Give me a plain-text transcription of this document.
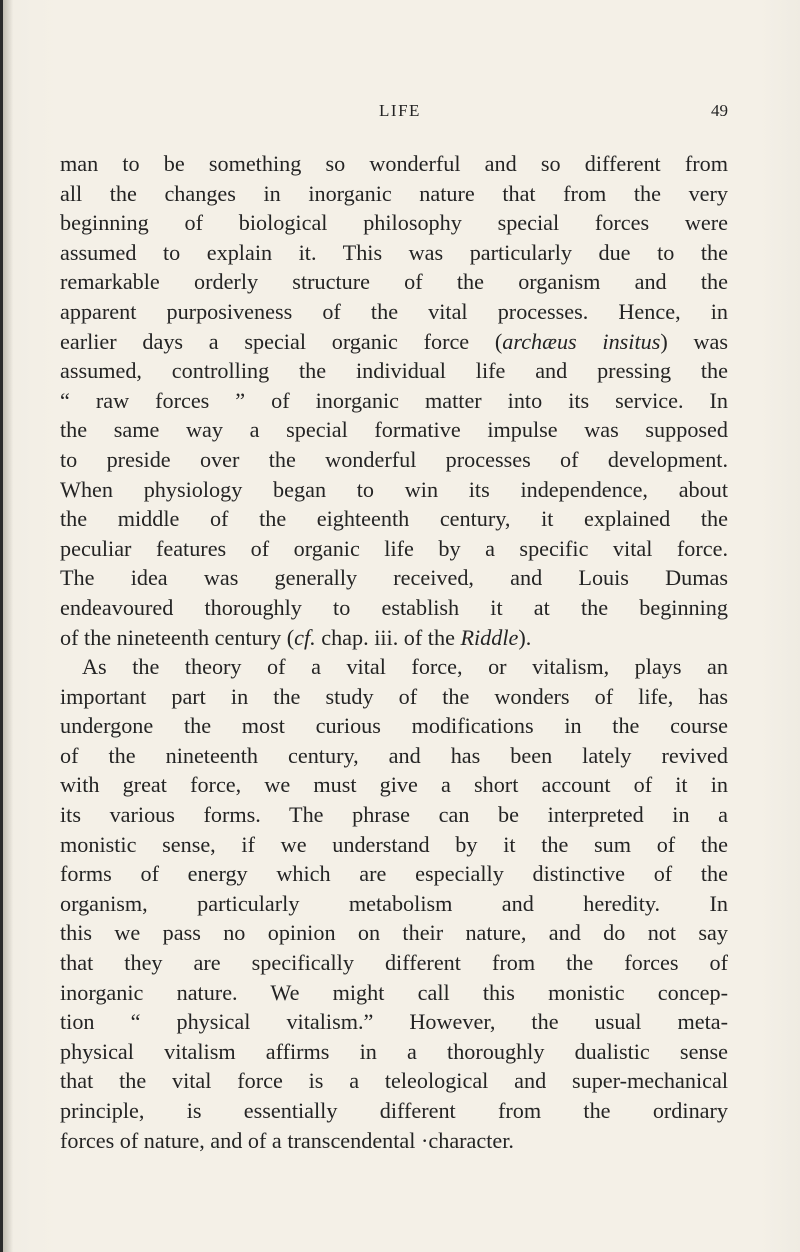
LIFE	49
man to be something so wonderful and so different from
all the changes in inorganic nature that from the very
beginning of biological philosophy special forces were
assumed to explain it. This was particularly due to the
remarkable orderly structure of the organism and the
apparent purposiveness of the vital processes. Hence, in
earlier days a special organic force (archæus insitus) was
assumed, controlling the individual life and pressing the
“ raw forces ” of inorganic matter into its service. In
the same way a special formative impulse was supposed
to preside over the wonderful processes of development.
When physiology began to win its independence, about
the middle of the eighteenth century, it explained the
peculiar features of organic life by a specific vital force.
The idea was generally received, and Louis Dumas
endeavoured thoroughly to establish it at the beginning
of the nineteenth century (cf. chap. iii. of the Riddle).
As the theory of a vital force, or vitalism, plays an
important part in the study of the wonders of life, has
undergone the most curious modifications in the course
of the nineteenth century, and has been lately revived
with great force, we must give a short account of it in
its various forms. The phrase can be interpreted in a
monistic sense, if we understand by it the sum of the
forms of energy which are especially distinctive of the
organism, particularly metabolism and heredity. In
this we pass no opinion on their nature, and do not say
that they are specifically different from the forces of
inorganic nature. We might call this monistic concep-
tion “ physical vitalism.” However, the usual meta-
physical vitalism affirms in a thoroughly dualistic sense
that the vital force is a teleological and super-mechanical
principle, is essentially different from the ordinary
forces of nature, and of a transcendental ·character.
